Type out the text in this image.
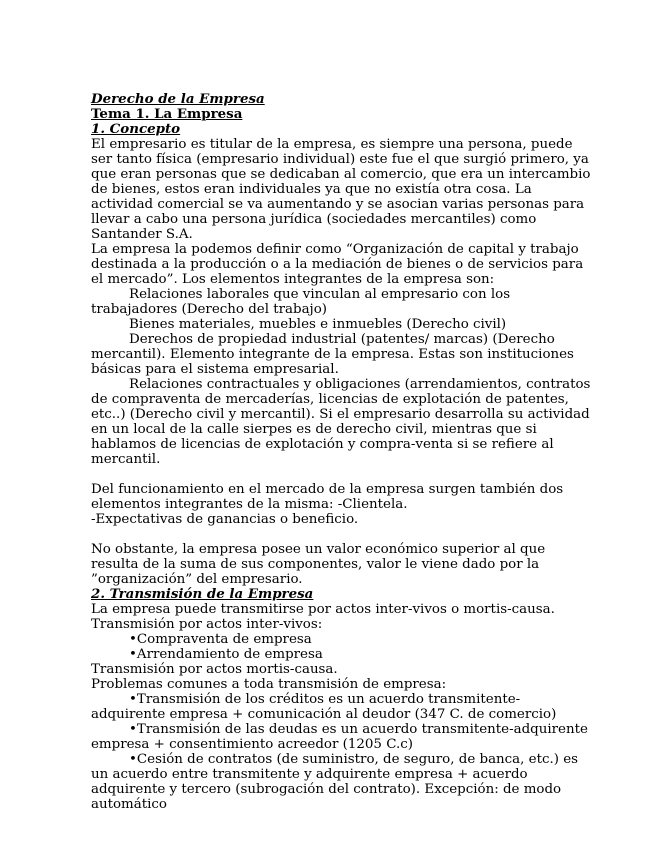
Derecho de la Empresa

Tema 1. La Empresa

1. Concepto

El empresario es titular de la empresa, es siempre una persona, puede ser tanto física (empresario individual) este fue el que surgió primero, ya que eran personas que se dedicaban al comercio, que era un intercambio de bienes, estos eran individuales ya que no existía otra cosa. La actividad comercial se va aumentando y se asocian varias personas para llevar a cabo una persona jurídica (sociedades mercantiles) como Santander S.A.

La empresa la podemos definir como “Organización de capital y trabajo destinada a la producción o a la mediación de bienes o de servicios para el mercado”. Los elementos integrantes de la empresa son:

Relaciones laborales que vinculan al empresario con los trabajadores (Derecho del trabajo)

Bienes materiales, muebles e inmuebles (Derecho civil)

Derechos de propiedad industrial (patentes/ marcas) (Derecho mercantil). Elemento integrante de la empresa. Estas son instituciones básicas para el sistema empresarial.

Relaciones contractuales y obligaciones (arrendamientos, contratos de compraventa de mercaderías, licencias de explotación de patentes, etc..) (Derecho civil y mercantil). Si el empresario desarrolla su actividad en un local de la calle sierpes es de derecho civil, mientras que si hablamos de licencias de explotación y compra-venta si se refiere al mercantil.

Del funcionamiento en el mercado de la empresa surgen también dos elementos integrantes de la misma: -Clientela.

-Expectativas de ganancias o beneficio.

No obstante, la empresa posee un valor económico superior al que resulta de la suma de sus componentes, valor le viene dado por la ”organización” del empresario.

2. Transmisión de la Empresa

La empresa puede transmitirse por actos inter-vivos o mortis-causa.

Transmisión por actos inter-vivos:

•Compraventa de empresa

•Arrendamiento de empresa

Transmisión por actos mortis-causa.

Problemas comunes a toda transmisión de empresa:

•Transmisión de los créditos es un acuerdo transmitente-adquirente empresa + comunicación al deudor (347 C. de comercio)

•Transmisión de las deudas es un acuerdo transmitente-adquirente empresa + consentimiento acreedor (1205 C.c)

•Cesión de contratos (de suministro, de seguro, de banca, etc.) es un acuerdo entre transmitente y adquirente empresa + acuerdo adquirente y tercero (subrogación del contrato). Excepción: de modo automático
